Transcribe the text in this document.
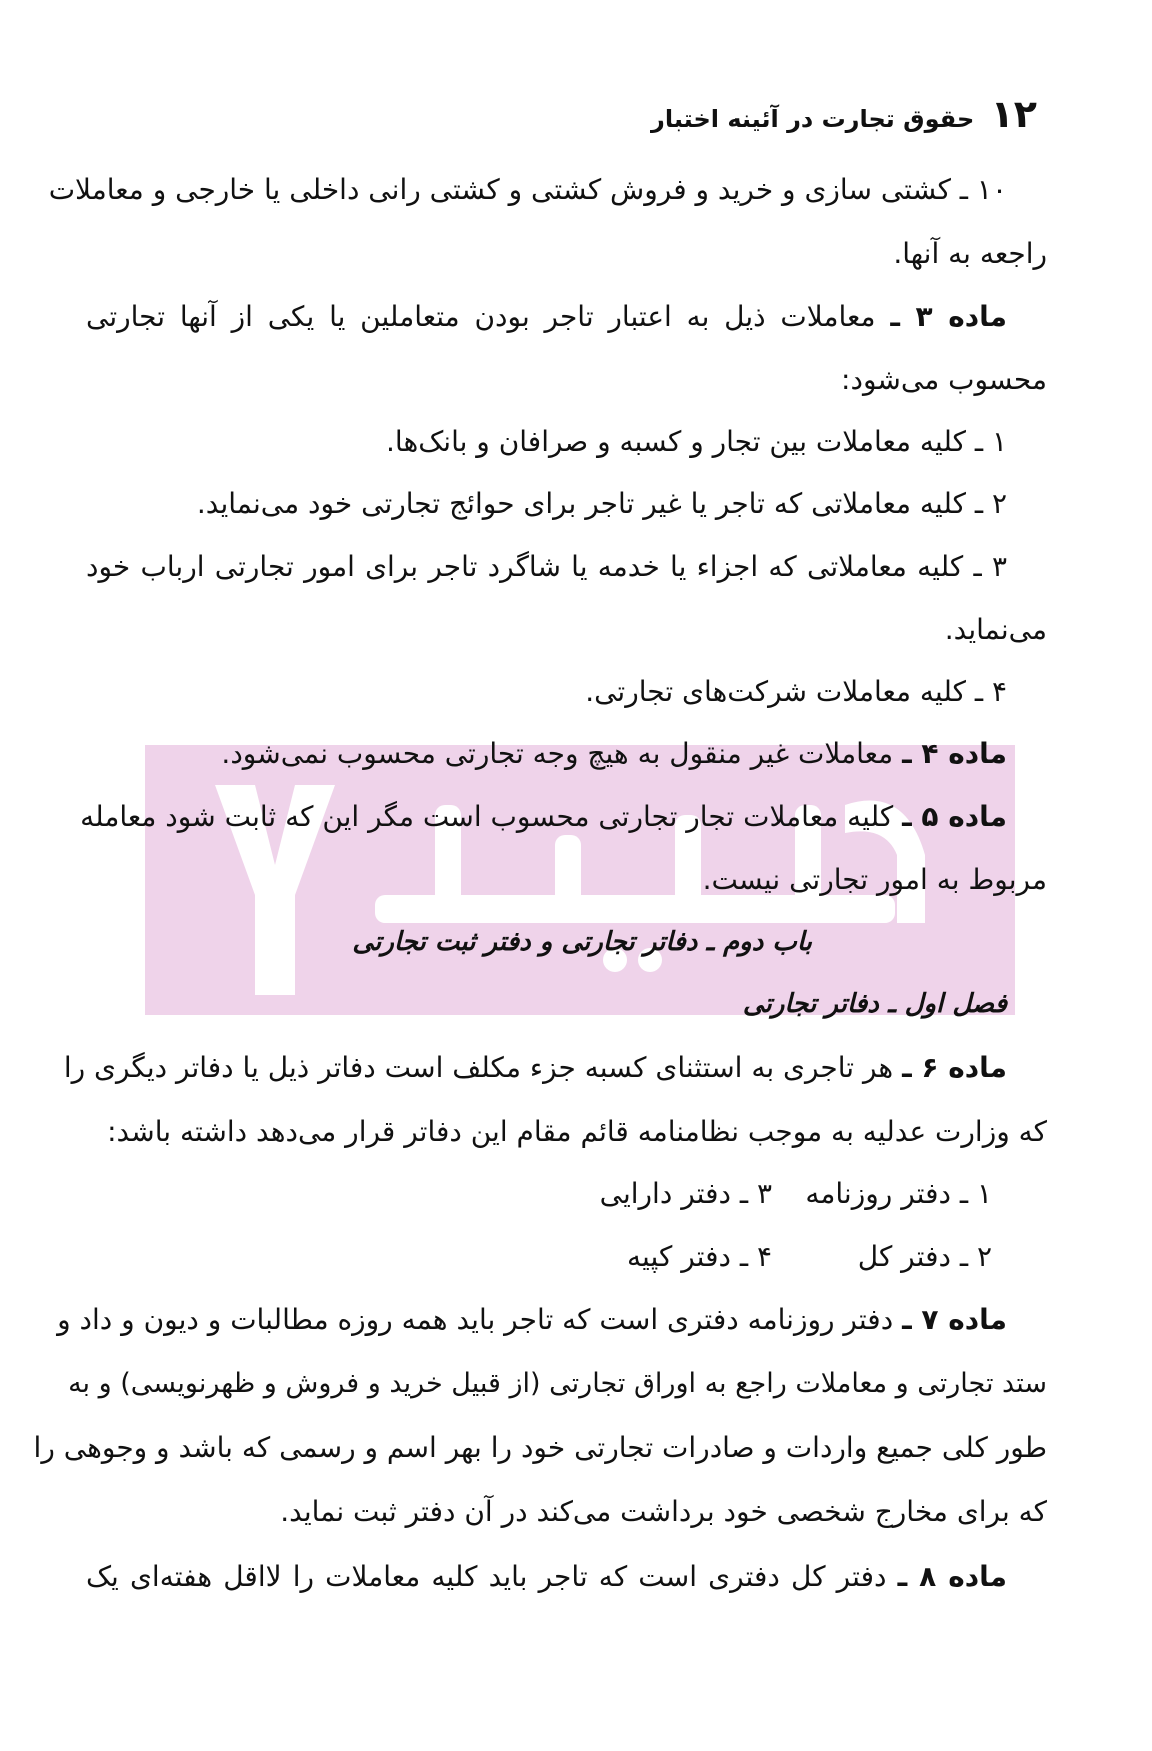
۱۲ حقوق تجارت در آئینه اختبار
۱۰ ـ کشتی سازی و خرید و فروش کشتی و کشتی رانی داخلی یا خارجی و معاملات
راجعه به آنها.
ماده ۳ ـ معاملات ذیل به اعتبار تاجر بودن متعاملین یا یکی از آنها تجارتی
محسوب می‌شود:
۱ ـ کلیه معاملات بین تجار و کسبه و صرافان و بانک‌ها.
۲ ـ کلیه معاملاتی که تاجر یا غیر تاجر برای حوائج تجارتی خود می‌نماید.
۳ ـ کلیه معاملاتی که اجزاء یا خدمه یا شاگرد تاجر برای امور تجارتی ارباب خود
می‌نماید.
۴ ـ کلیه معاملات شرکت‌های تجارتی.
ماده ۴ ـ معاملات غیر منقول به هیچ وجه تجارتی محسوب نمی‌شود.
ماده ۵ ـ کلیه معاملات تجار تجارتی محسوب است مگر این که ثابت شود معامله
مربوط به امور تجارتی نیست.
باب دوم ـ دفاتر تجارتی و دفتر ثبت تجارتی
فصل اول ـ دفاتر تجارتی
ماده ۶ ـ هر تاجری به استثنای کسبه جزء مکلف است دفاتر ذیل یا دفاتر دیگری را
که وزارت عدلیه به موجب نظامنامه قائم مقام این دفاتر قرار می‌دهد داشته باشد:
۱ ـ دفتر روزنامه
۳ ـ دفتر دارایی
۲ ـ دفتر کل
۴ ـ دفتر کپیه
ماده ۷ ـ دفتر روزنامه دفتری است که تاجر باید همه روزه مطالبات و دیون و داد و
ستد تجارتی و معاملات راجع به اوراق تجارتی (از قبیل خرید و فروش و ظهرنویسی) و به
طور کلی جمیع واردات و صادرات تجارتی خود را بهر اسم و رسمی که باشد و وجوهی را
که برای مخارج شخصی خود برداشت می‌کند در آن دفتر ثبت نماید.
ماده ۸ ـ دفتر کل دفتری است که تاجر باید کلیه معاملات را لااقل هفته‌ای یک
